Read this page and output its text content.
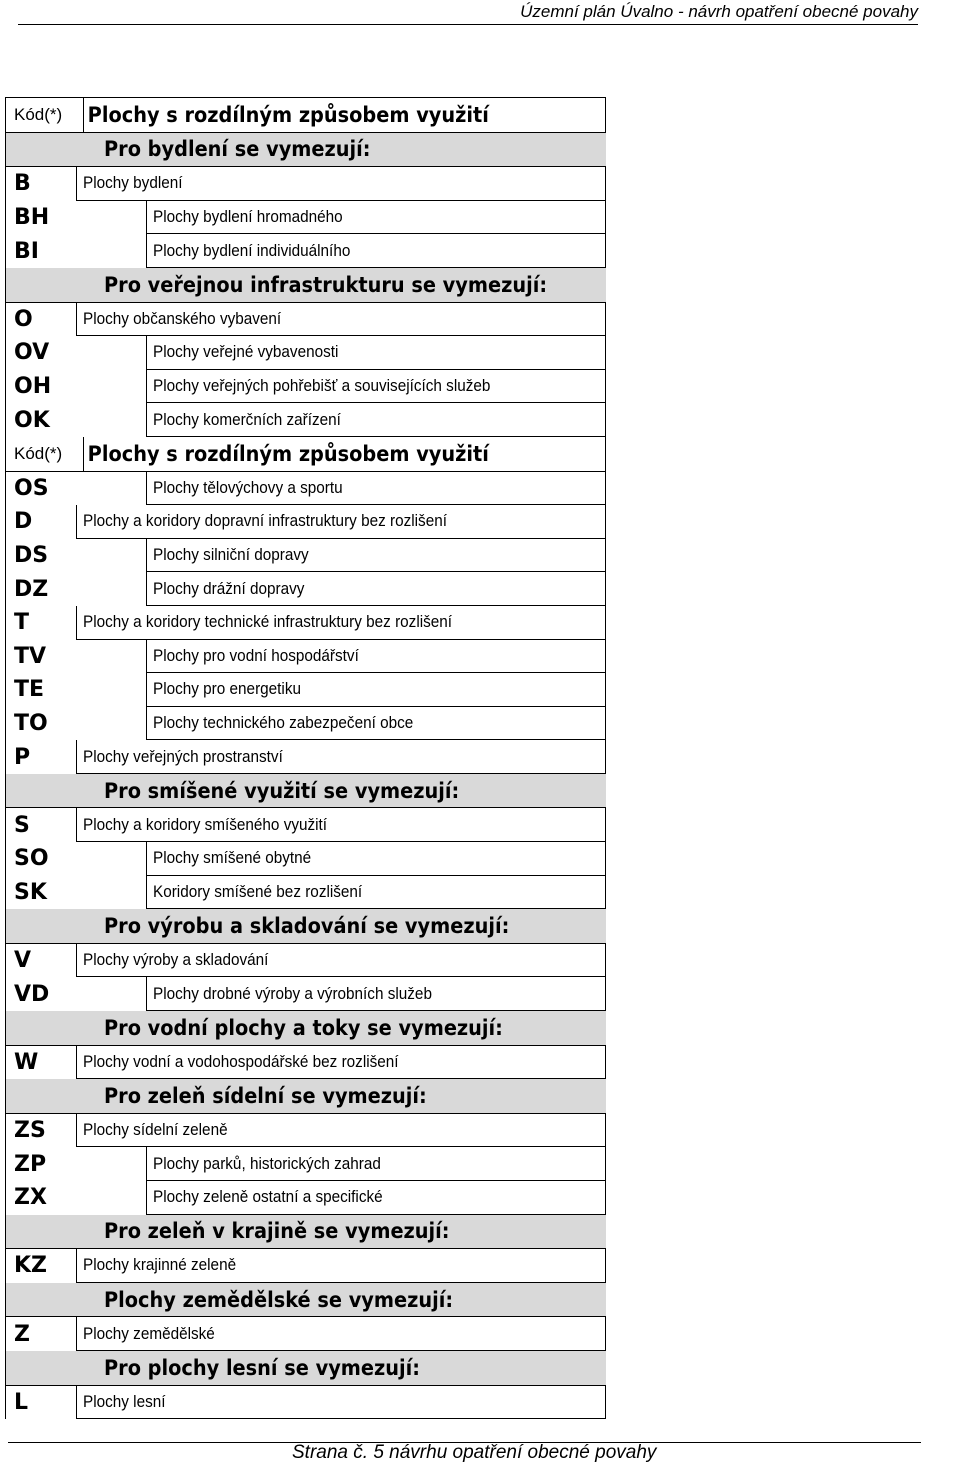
Územní plán Úvalno - návrh opatření obecné povahy
Kód(*)	Plochy s rozdílným způsobem využití
Pro bydlení se vymezují:
B	Plochy bydlení
BH	Plochy bydlení hromadného
BI	Plochy bydlení individuálního
Pro veřejnou infrastrukturu se vymezují:
O	Plochy občanského vybavení
OV	Plochy veřejné vybavenosti
OH	Plochy veřejných pohřebišť a souvisejících služeb
OK	Plochy komerčních zařízení
Kód(*)	Plochy s rozdílným způsobem využití
OS	Plochy tělovýchovy a sportu
D	Plochy a koridory dopravní infrastruktury bez rozlišení
DS	Plochy silniční dopravy
DZ	Plochy drážní dopravy
T	Plochy a koridory technické infrastruktury bez rozlišení
TV	Plochy pro vodní hospodářství
TE	Plochy pro energetiku
TO	Plochy technického zabezpečení obce
P	Plochy veřejných prostranství
Pro smíšené využití se vymezují:
S	Plochy a koridory smíšeného využití
SO	Plochy smíšené obytné
SK	Koridory smíšené bez rozlišení
Pro výrobu a skladování se vymezují:
V	Plochy výroby a skladování
VD	Plochy drobné výroby a výrobních služeb
Pro vodní plochy a toky se vymezují:
W	Plochy vodní a vodohospodářské bez rozlišení
Pro zeleň sídelní se vymezují:
ZS	Plochy sídelní zeleně
ZP	Plochy parků, historických zahrad
ZX	Plochy zeleně ostatní a specifické
Pro zeleň v krajině se vymezují:
KZ	Plochy krajinné zeleně
Plochy zemědělské se vymezují:
Z	Plochy zemědělské
Pro plochy lesní se vymezují:
L	Plochy lesní
Strana č. 5 návrhu opatření obecné povahy
